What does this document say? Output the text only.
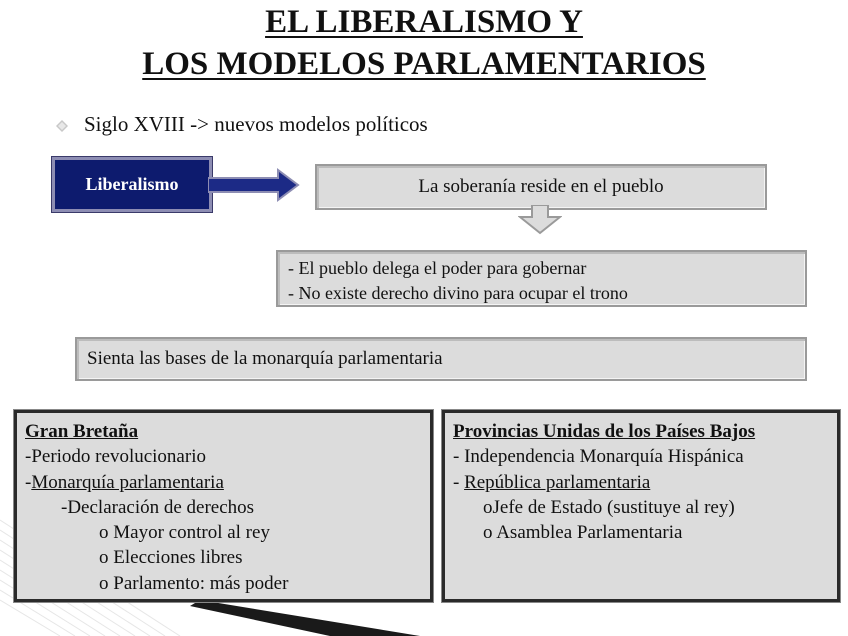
EL LIBERALISMO Y
LOS MODELOS PARLAMENTARIOS
Siglo XVIII -> nuevos modelos políticos
Liberalismo	La soberanía reside en el pueblo
- El pueblo delega el poder para gobernar
- No existe derecho divino para ocupar el trono
Sienta las bases de la monarquía parlamentaria
Gran Bretaña
-Periodo revolucionario
-Monarquía parlamentaria
-Declaración de derechos
o Mayor control al rey
o Elecciones libres
o Parlamento: más poder
Provincias Unidas de los Países Bajos
- Independencia Monarquía Hispánica
- República parlamentaria
oJefe de Estado (sustituye al rey)
o Asamblea Parlamentaria
